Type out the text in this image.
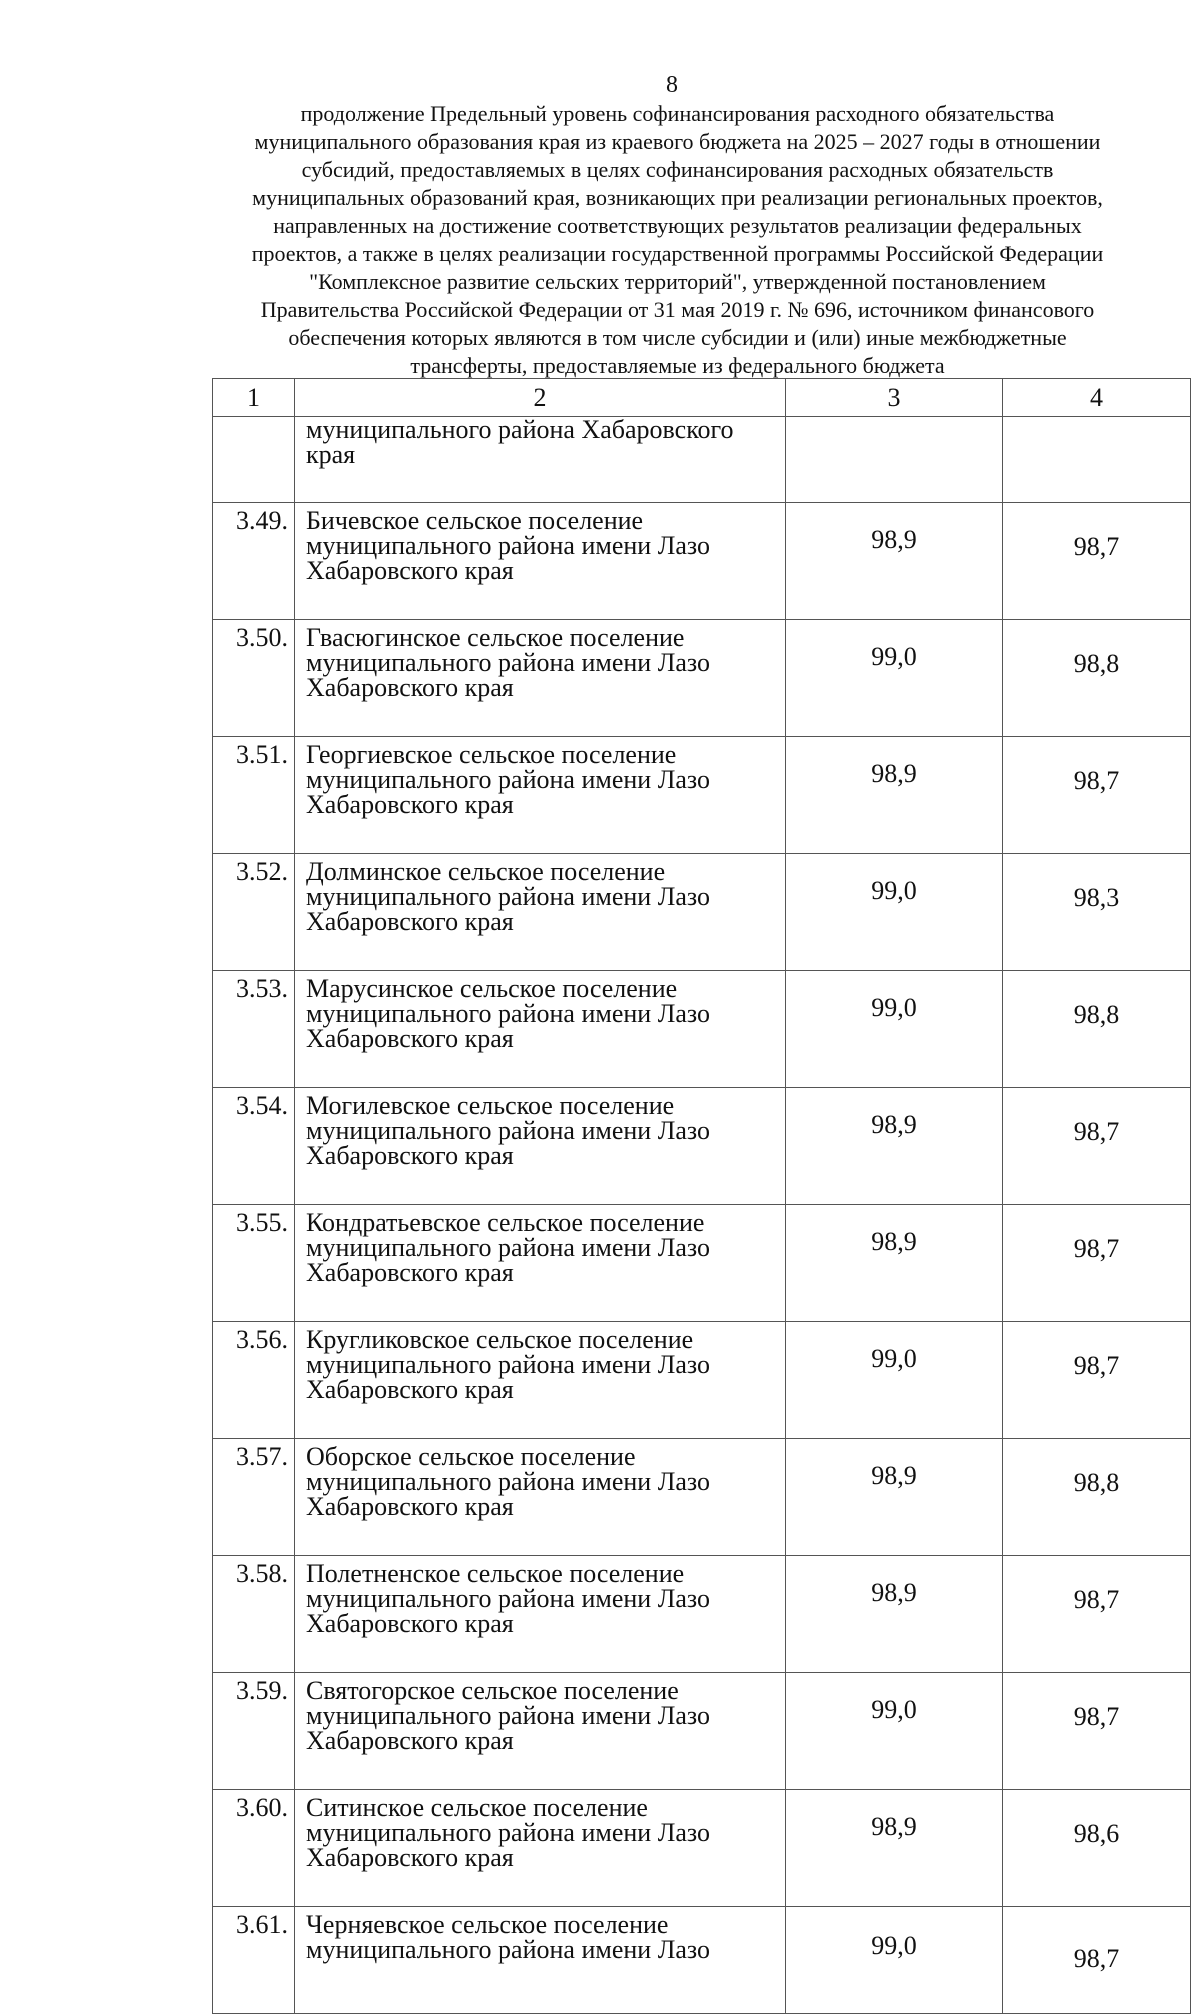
8
продолжение Предельный уровень софинансирования расходного обязательства
муниципального образования края из краевого бюджета на 2025 – 2027 годы в отношении
субсидий, предоставляемых в целях софинансирования расходных обязательств
муниципальных образований края, возникающих при реализации региональных проектов,
направленных на достижение соответствующих результатов реализации федеральных
проектов, а также в целях реализации государственной программы Российской Федерации
"Комплексное развитие сельских территорий", утвержденной постановлением
Правительства Российской Федерации от 31 мая 2019 г. № 696, источником финансового
обеспечения которых являются в том числе субсидии и (или) иные межбюджетные
трансферты, предоставляемые из федерального бюджета
1	2	3	4

	муниципального района Хабаровского
края		

3.49.	Бичевское сельское поселение
муниципального района имени Лазо
Хабаровского края	98,9	98,7
3.50.	Гвасюгинское сельское поселение
муниципального района имени Лазо
Хабаровского края	99,0	98,8
3.51.	Георгиевское сельское поселение
муниципального района имени Лазо
Хабаровского края	98,9	98,7
3.52.	Долминское сельское поселение
муниципального района имени Лазо
Хабаровского края	99,0	98,3
3.53.	Марусинское сельское поселение
муниципального района имени Лазо
Хабаровского края	99,0	98,8
3.54.	Могилевское сельское поселение
муниципального района имени Лазо
Хабаровского края	98,9	98,7
3.55.	Кондратьевское сельское поселение
муниципального района имени Лазо
Хабаровского края	98,9	98,7
3.56.	Кругликовское сельское поселение
муниципального района имени Лазо
Хабаровского края	99,0	98,7
3.57.	Оборское сельское поселение
муниципального района имени Лазо
Хабаровского края	98,9	98,8
3.58.	Полетненское сельское поселение
муниципального района имени Лазо
Хабаровского края	98,9	98,7
3.59.	Святогорское сельское поселение
муниципального района имени Лазо
Хабаровского края	99,0	98,7
3.60.	Ситинское сельское поселение
муниципального района имени Лазо
Хабаровского края	98,9	98,6
3.61.	Черняевское сельское поселение
муниципального района имени Лазо	99,0	98,7
